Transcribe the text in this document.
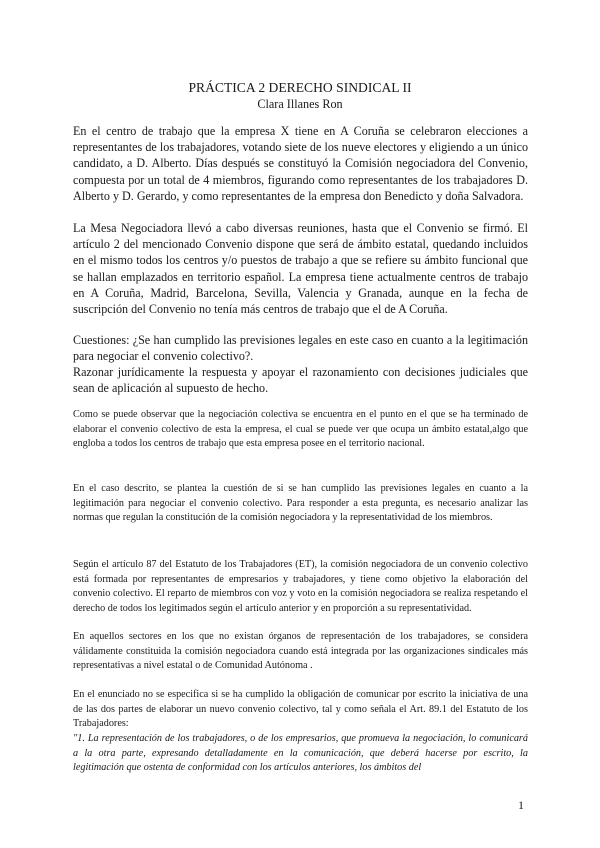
PRÁCTICA 2 DERECHO SINDICAL II
Clara Illanes Ron

En el centro de trabajo que la empresa X tiene en A Coruña se celebraron elecciones a representantes de los trabajadores, votando siete de los nueve electores y eligiendo a un único candidato, a D. Alberto. Días después se constituyó la Comisión negociadora del Convenio, compuesta por un total de 4 miembros, figurando como representantes de los trabajadores D. Alberto y D. Gerardo, y como representantes de la empresa don Benedicto y doña Salvadora.

La Mesa Negociadora llevó a cabo diversas reuniones, hasta que el Convenio se firmó. El artículo 2 del mencionado Convenio dispone que será de ámbito estatal, quedando incluidos en el mismo todos los centros y/o puestos de trabajo a que se refiere su ámbito funcional que se hallan emplazados en territorio español. La empresa tiene actualmente centros de trabajo en A Coruña, Madrid, Barcelona, Sevilla, Valencia y Granada, aunque en la fecha de suscripción del Convenio no tenía más centros de trabajo que el de A Coruña.

Cuestiones: ¿Se han cumplido las previsiones legales en este caso en cuanto a la legitimación para negociar el convenio colectivo?.

Razonar jurídicamente la respuesta y apoyar el razonamiento con decisiones judiciales que sean de aplicación al supuesto de hecho.

Como se puede observar que la negociación colectiva se encuentra en el punto en el que se ha terminado de elaborar el convenio colectivo de esta la empresa, el cual se puede ver que ocupa un ámbito estatal,algo que engloba a todos los centros de trabajo que esta empresa posee en el territorio nacional.

En el caso descrito, se plantea la cuestión de si se han cumplido las previsiones legales en cuanto a la legitimación para negociar el convenio colectivo. Para responder a esta pregunta, es necesario analizar las normas que regulan la constitución de la comisión negociadora y la representatividad de los miembros.

Según el artículo 87 del Estatuto de los Trabajadores (ET), la comisión negociadora de un convenio colectivo está formada por representantes de empresarios y trabajadores, y tiene como objetivo la elaboración del convenio colectivo. El reparto de miembros con voz y voto en la comisión negociadora se realiza respetando el derecho de todos los legitimados según el artículo anterior y en proporción a su representatividad.

En aquellos sectores en los que no existan órganos de representación de los trabajadores, se considera válidamente constituida la comisión negociadora cuando está integrada por las organizaciones sindicales más representativas a nivel estatal o de Comunidad Autónoma .

En el enunciado no se especifica si se ha cumplido la obligación de comunicar por escrito la iniciativa de una de las dos partes de elaborar un nuevo convenio colectivo, tal y como señala el Art. 89.1 del Estatuto de los Trabajadores:

"1. La representación de los trabajadores, o de los empresarios, que promueva la negociación, lo comunicará a la otra parte, expresando detalladamente en la comunicación, que deberá hacerse por escrito, la legitimación que ostenta de conformidad con los artículos anteriores, los ámbitos del

1
